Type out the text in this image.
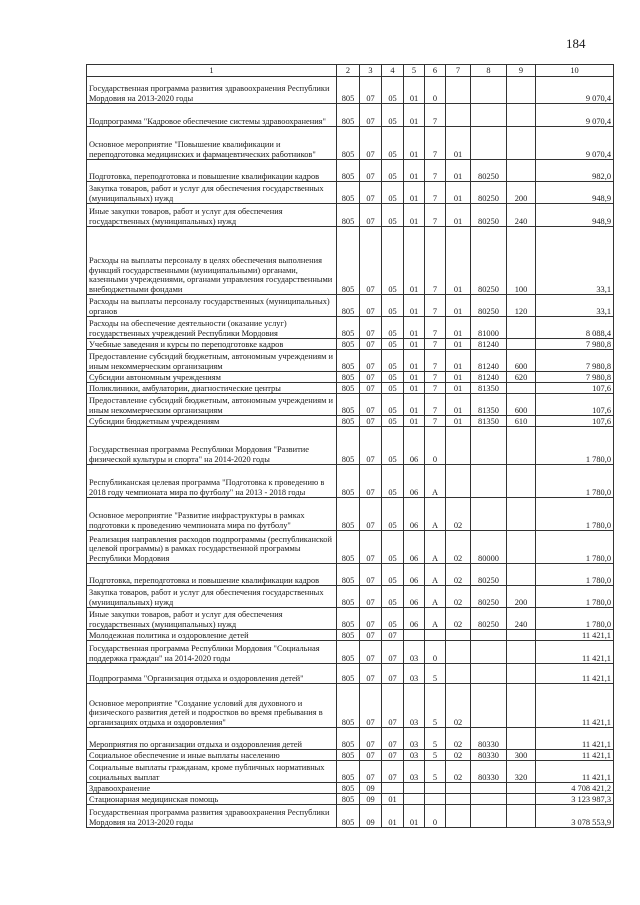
184
1	2	3	4	5	6	7	8	9	10
Государственная программа развития здравоохранения Республики Мордовия на 2013-2020 годы	805	07	05	01	0				9 070,4
Подпрограмма "Кадровое обеспечение системы здравоохранения"	805	07	05	01	7				9 070,4
Основное мероприятие "Повышение квалификации и переподготовка медицинских и фармацевтических работников"	805	07	05	01	7	01			9 070,4
Подготовка, переподготовка и повышение квалификации кадров	805	07	05	01	7	01	80250		982,0
Закупка товаров, работ и услуг для обеспечения государственных (муниципальных) нужд	805	07	05	01	7	01	80250	200	948,9
Иные закупки товаров, работ и услуг для обеспечения государственных (муниципальных) нужд	805	07	05	01	7	01	80250	240	948,9
Расходы на выплаты персоналу в целях обеспечения выполнения функций государственными (муниципальными) органами, казенными учреждениями, органами управления государственными внебюджетными фондами	805	07	05	01	7	01	80250	100	33,1
Расходы на выплаты персоналу государственных (муниципальных) органов	805	07	05	01	7	01	80250	120	33,1
Расходы на обеспечение деятельности (оказание услуг) государственных учреждений Республики Мордовия	805	07	05	01	7	01	81000		8 088,4
Учебные заведения и курсы по переподготовке кадров	805	07	05	01	7	01	81240		7 980,8
Предоставление субсидий бюджетным, автономным учреждениям и иным некоммерческим организациям	805	07	05	01	7	01	81240	600	7 980,8
Субсидии автономным учреждениям	805	07	05	01	7	01	81240	620	7 980,8
Поликлиники, амбулатории, диагностические центры	805	07	05	01	7	01	81350		107,6
Предоставление субсидий бюджетным, автономным учреждениям и иным некоммерческим организациям	805	07	05	01	7	01	81350	600	107,6
Субсидии бюджетным учреждениям	805	07	05	01	7	01	81350	610	107,6
Государственная программа Республики Мордовия "Развитие физической культуры и спорта" на 2014-2020 годы	805	07	05	06	0				1 780,0
Республиканская целевая программа "Подготовка к проведению в 2018 году чемпионата мира по футболу" на 2013 - 2018 годы	805	07	05	06	А				1 780,0
Основное мероприятие "Развитие инфраструктуры в рамках подготовки к проведению чемпионата мира по футболу"	805	07	05	06	А	02			1 780,0
Реализация направления расходов подпрограммы (республиканской целевой программы) в рамках государственной программы Республики Мордовия	805	07	05	06	А	02	80000		1 780,0
Подготовка, переподготовка и повышение квалификации кадров	805	07	05	06	А	02	80250		1 780,0
Закупка товаров, работ и услуг для обеспечения государственных (муниципальных) нужд	805	07	05	06	А	02	80250	200	1 780,0
Иные закупки товаров, работ и услуг для обеспечения государственных (муниципальных) нужд	805	07	05	06	А	02	80250	240	1 780,0
Молодежная политика и оздоровление детей	805	07	07						11 421,1
Государственная программа Республики Мордовия "Социальная поддержка граждан" на 2014-2020 годы	805	07	07	03	0				11 421,1
Подпрограмма "Организация отдыха и оздоровления детей"	805	07	07	03	5				11 421,1
Основное мероприятие "Создание условий для духовного и физического развития детей и подростков во время пребывания в организациях отдыха и оздоровления"	805	07	07	03	5	02			11 421,1
Мероприятия по организации отдыха и оздоровления детей	805	07	07	03	5	02	80330		11 421,1
Социальное обеспечение и иные выплаты населению	805	07	07	03	5	02	80330	300	11 421,1
Социальные выплаты гражданам, кроме публичных нормативных социальных выплат	805	07	07	03	5	02	80330	320	11 421,1
Здравоохранение	805	09							4 708 421,2
Стационарная медицинская помощь	805	09	01						3 123 987,3
Государственная программа развития здравоохранения Республики Мордовия на 2013-2020 годы	805	09	01	01	0				3 078 553,9
